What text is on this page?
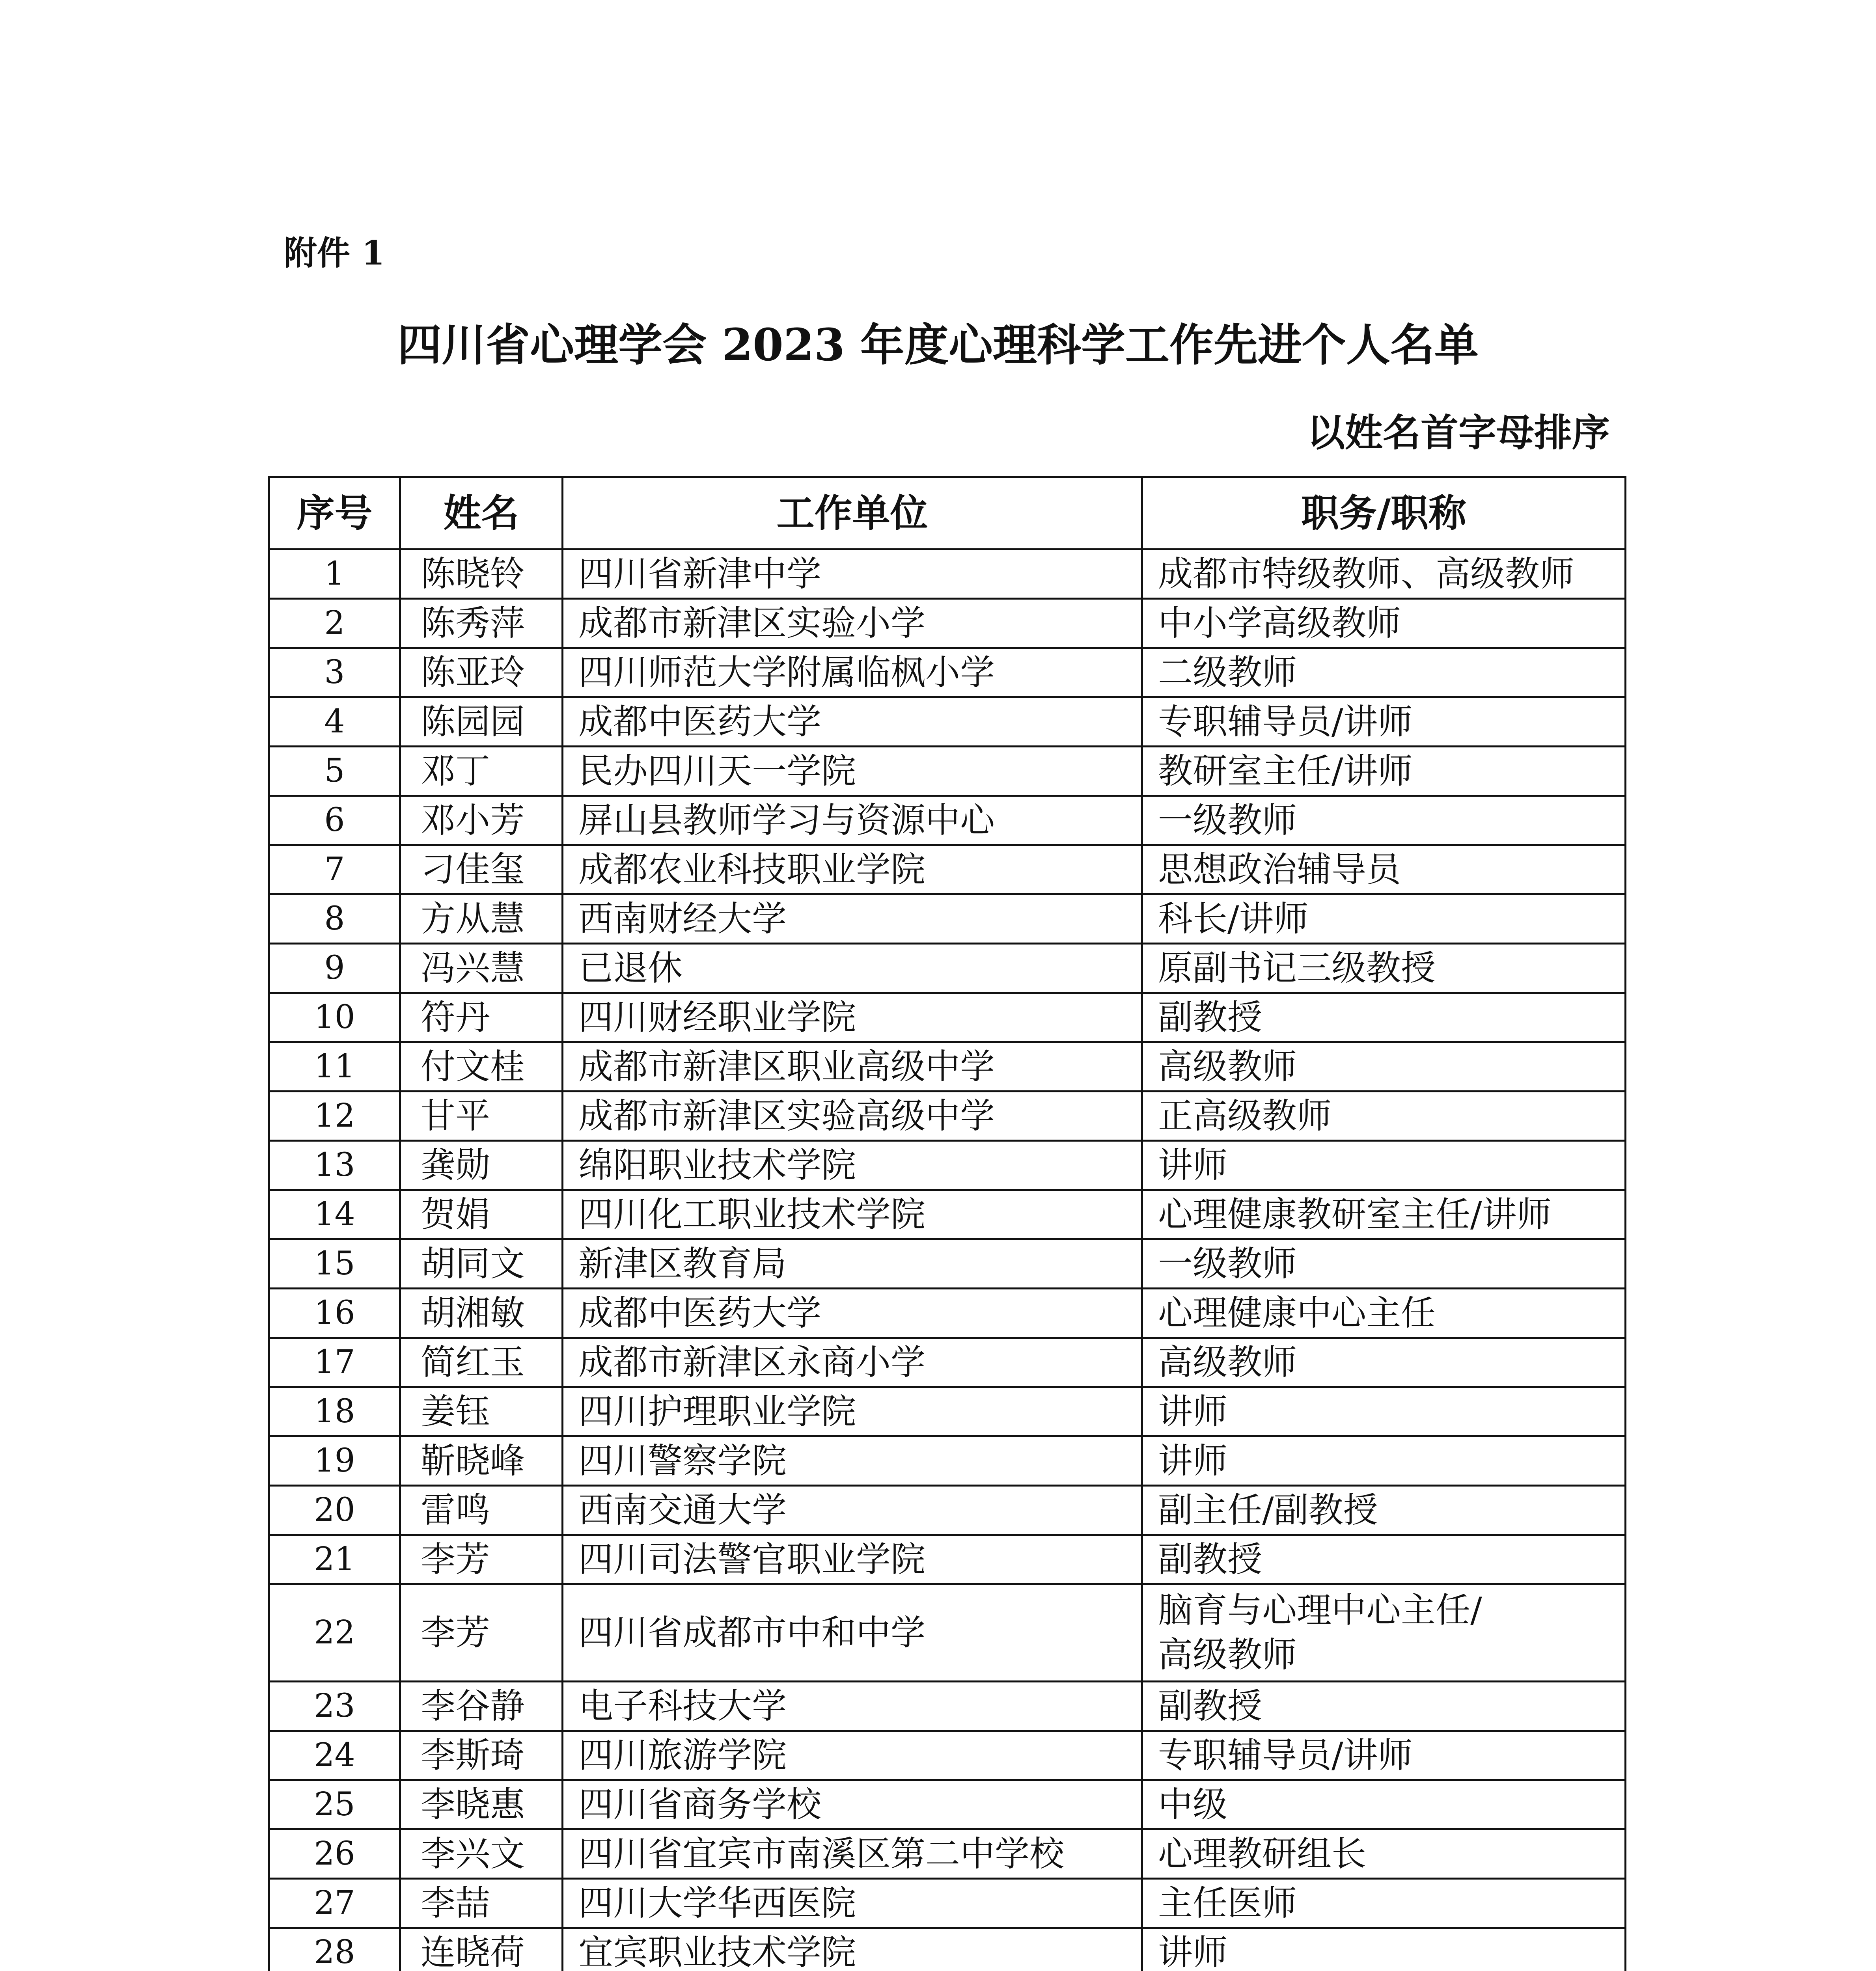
附件 1
四川省心理学会 2023 年度心理科学工作先进个人名单
以姓名首字母排序
序号	姓名	工作单位	职务/职称
1	陈晓铃	四川省新津中学	成都市特级教师、高级教师
2	陈秀萍	成都市新津区实验小学	中小学高级教师
3	陈亚玲	四川师范大学附属临枫小学	二级教师
4	陈园园	成都中医药大学	专职辅导员/讲师
5	邓丁	民办四川天一学院	教研室主任/讲师
6	邓小芳	屏山县教师学习与资源中心	一级教师
7	刁佳玺	成都农业科技职业学院	思想政治辅导员
8	方从慧	西南财经大学	科长/讲师
9	冯兴慧	已退休	原副书记三级教授
10	符丹	四川财经职业学院	副教授
11	付文桂	成都市新津区职业高级中学	高级教师
12	甘平	成都市新津区实验高级中学	正高级教师
13	龚勋	绵阳职业技术学院	讲师
14	贺娟	四川化工职业技术学院	心理健康教研室主任/讲师
15	胡同文	新津区教育局	一级教师
16	胡湘敏	成都中医药大学	心理健康中心主任
17	简红玉	成都市新津区永商小学	高级教师
18	姜钰	四川护理职业学院	讲师
19	靳晓峰	四川警察学院	讲师
20	雷鸣	西南交通大学	副主任/副教授
21	李芳	四川司法警官职业学院	副教授
22	李芳	四川省成都市中和中学	脑育与心理中心主任/
高级教师
23	李谷静	电子科技大学	副教授
24	李斯琦	四川旅游学院	专职辅导员/讲师
25	李晓惠	四川省商务学校	中级
26	李兴文	四川省宜宾市南溪区第二中学校	心理教研组长
27	李喆	四川大学华西医院	主任医师
28	连晓荷	宜宾职业技术学院	讲师
